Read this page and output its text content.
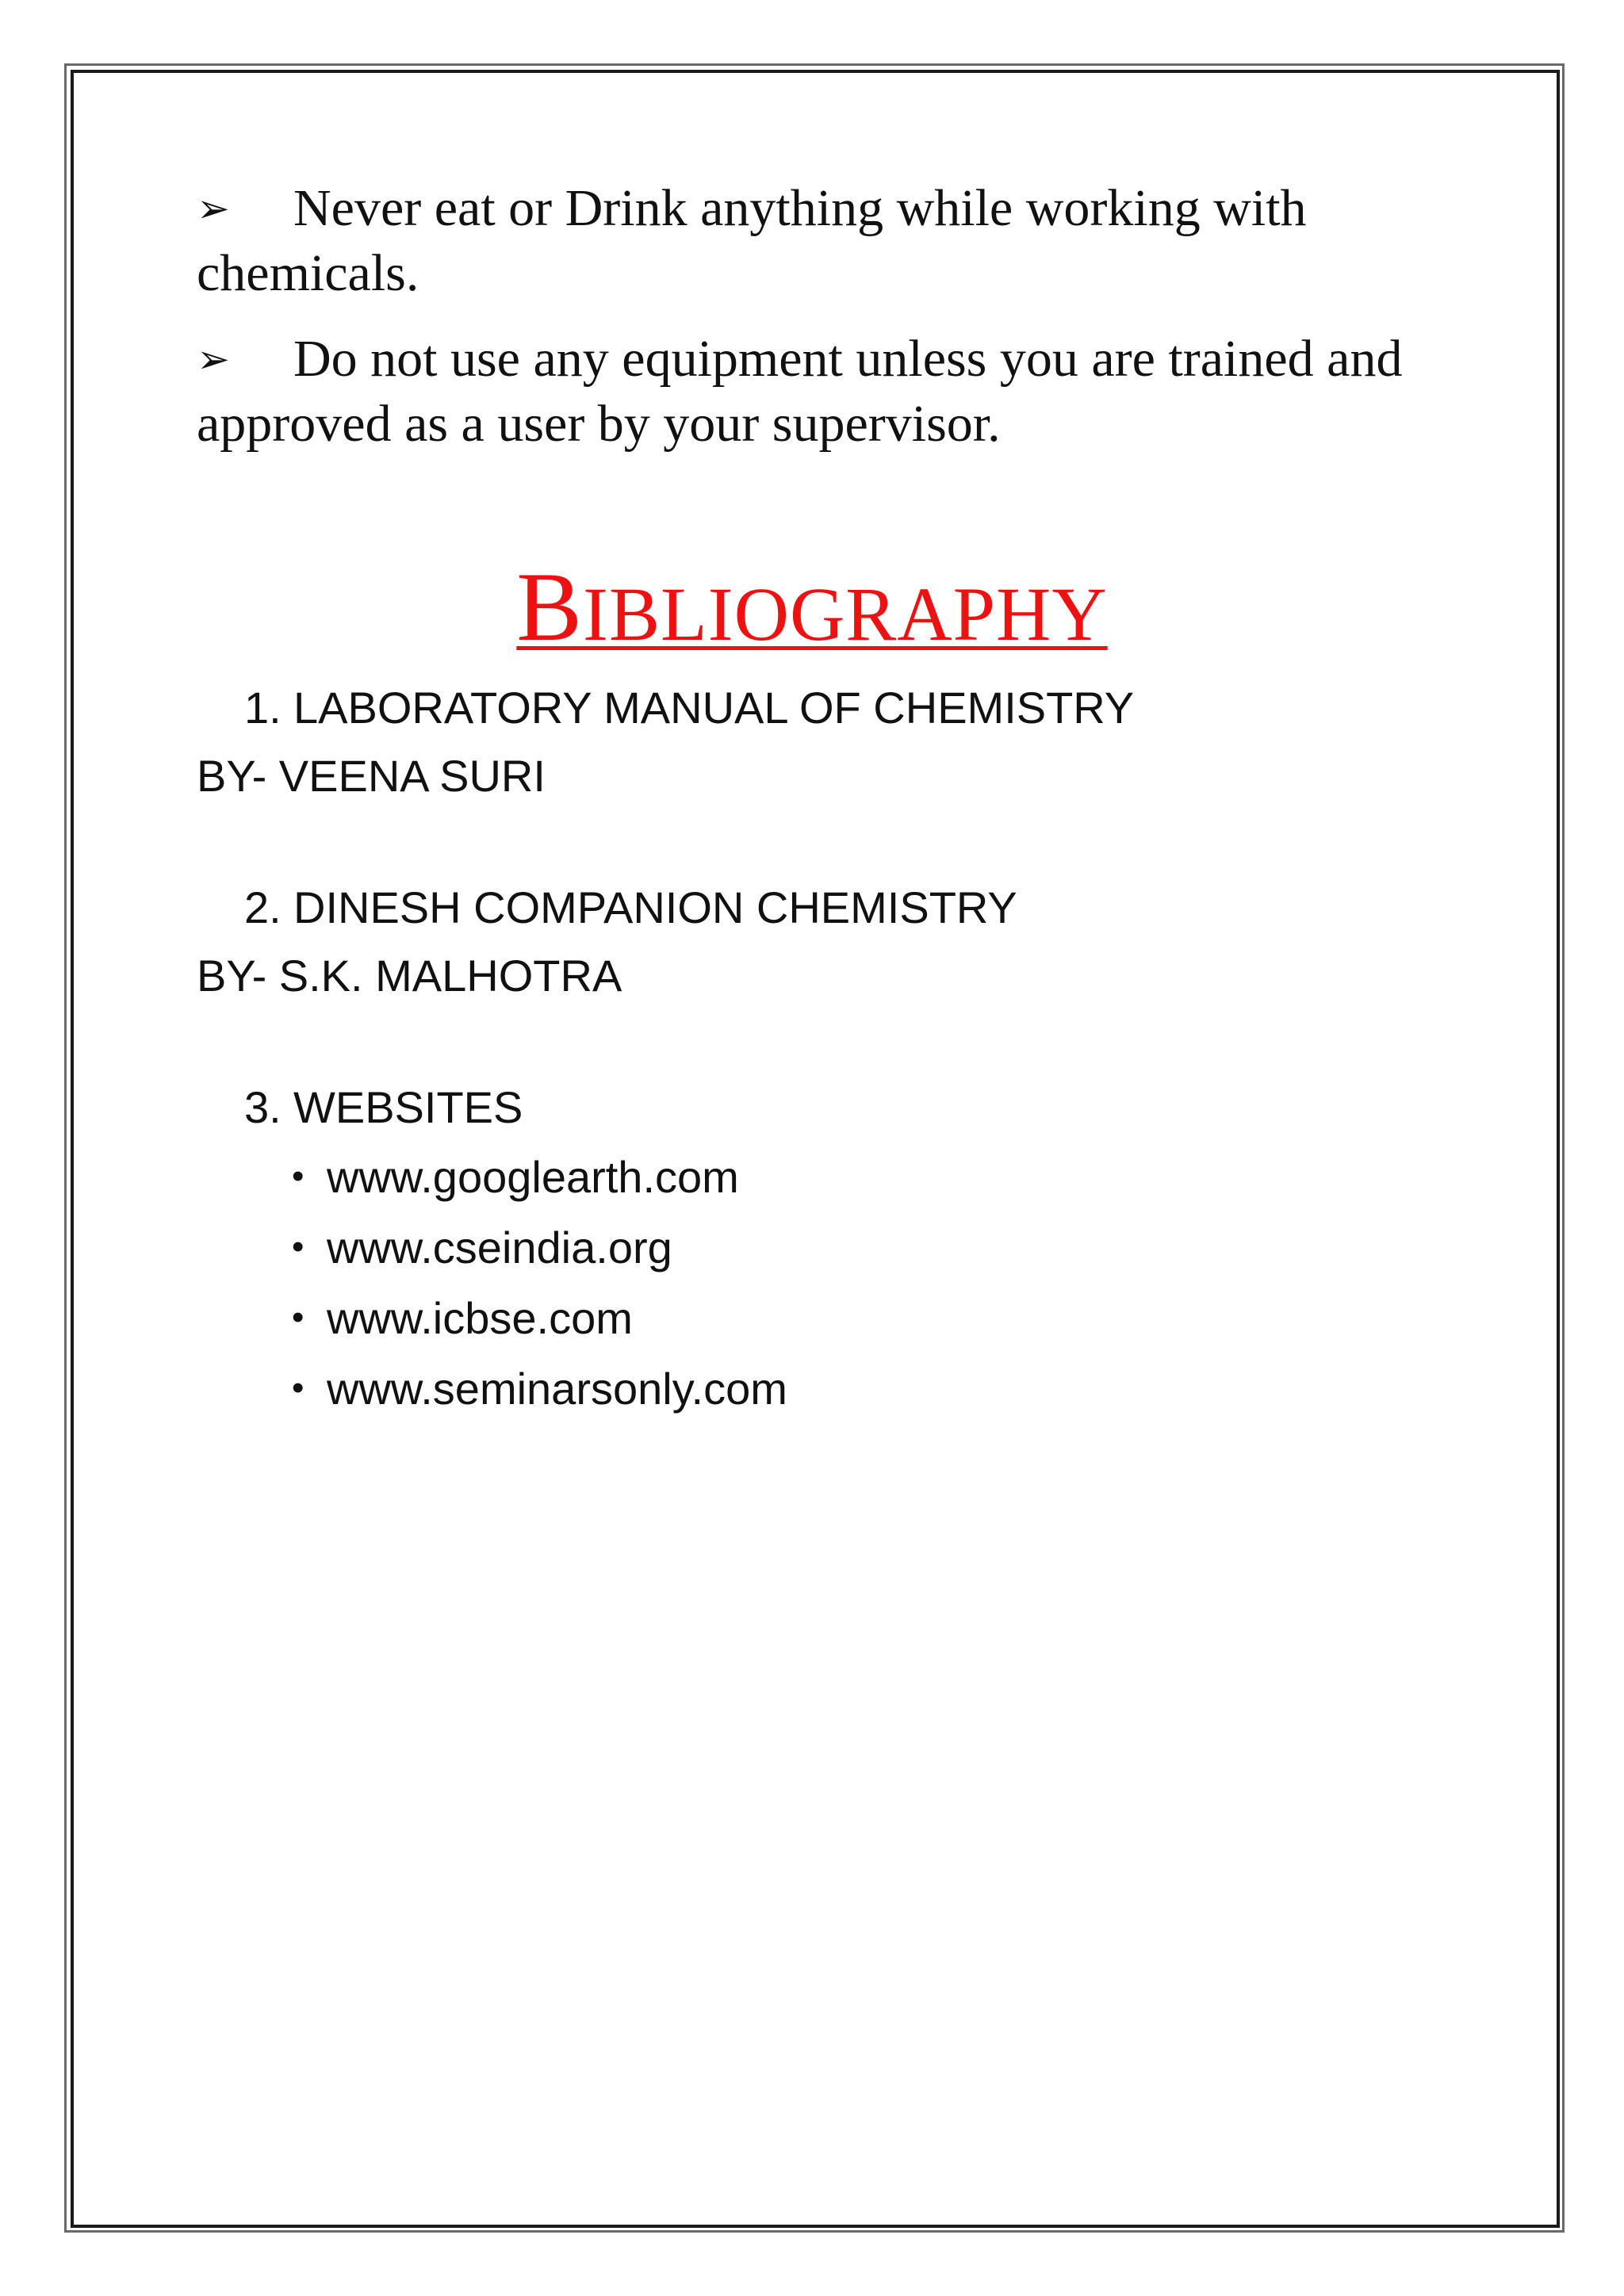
➢ Never eat or Drink anything while working with chemicals.

➢ Do not use any equipment unless you are trained and approved as a user by your supervisor.

BIBLIOGRAPHY
1. LABORATORY MANUAL OF CHEMISTRY
BY- VEENA SURI
2. DINESH COMPANION CHEMISTRY
BY- S.K. MALHOTRA
3. WEBSITES
• www.googlearth.com
• www.cseindia.org
• www.icbse.com
• www.seminarsonly.com
